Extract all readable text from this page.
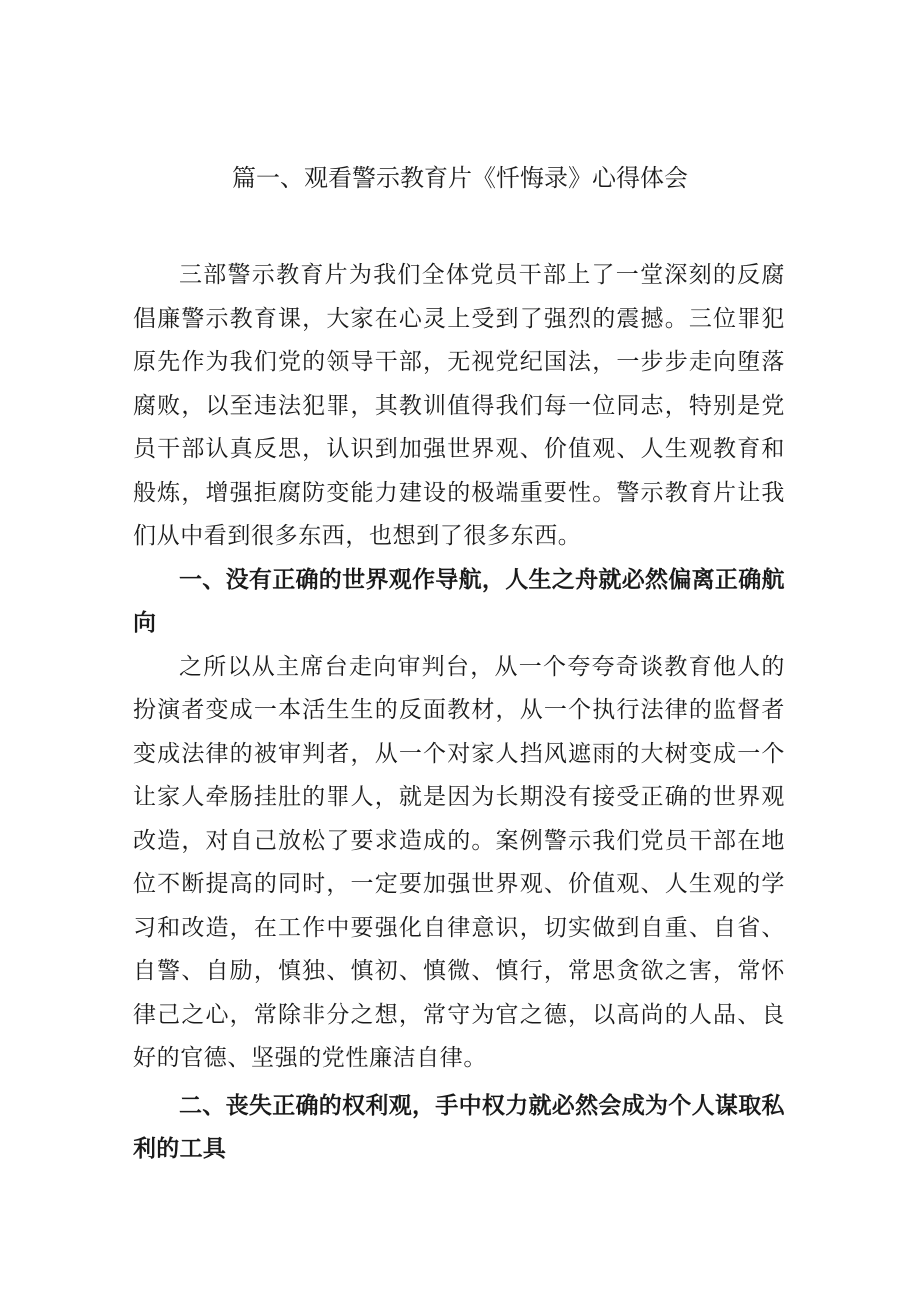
篇一、观看警示教育片《忏悔录》心得体会

三部警示教育片为我们全体党员干部上了一堂深刻的反腐倡廉警示教育课，大家在心灵上受到了强烈的震撼。三位罪犯原先作为我们党的领导干部，无视党纪国法，一步步走向堕落腐败，以至违法犯罪，其教训值得我们每一位同志，特别是党员干部认真反思，认识到加强世界观、价值观、人生观教育和般炼，增强拒腐防变能力建设的极端重要性。警示教育片让我们从中看到很多东西，也想到了很多东西。

一、没有正确的世界观作导航，人生之舟就必然偏离正确航向

之所以从主席台走向审判台，从一个夸夸奇谈教育他人的扮演者变成一本活生生的反面教材，从一个执行法律的监督者变成法律的被审判者，从一个对家人挡风遮雨的大树变成一个让家人牵肠挂肚的罪人，就是因为长期没有接受正确的世界观改造，对自己放松了要求造成的。案例警示我们党员干部在地位不断提高的同时，一定要加强世界观、价值观、人生观的学习和改造，在工作中要强化自律意识，切实做到自重、自省、自警、自励，慎独、慎初、慎微、慎行，常思贪欲之害，常怀律己之心，常除非分之想，常守为官之德，以高尚的人品、良好的官德、坚强的党性廉洁自律。

二、丧失正确的权利观，手中权力就必然会成为个人谋取私利的工具
